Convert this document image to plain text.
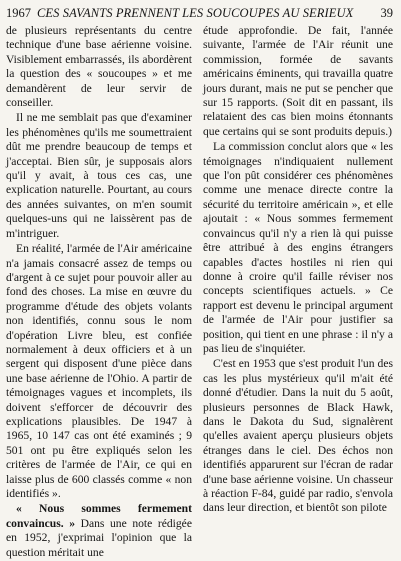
1967 CES SAVANTS PRENNENT LES SOUCOUPES AU SERIEUX 39

de plusieurs représentants du centre technique d'une base aérienne voisine. Visiblement embarrassés, ils abordèrent la question des « soucoupes » et me demandèrent de leur servir de conseiller.

Il ne me semblait pas que d'examiner les phénomènes qu'ils me soumettraient dût me prendre beaucoup de temps et j'acceptai. Bien sûr, je supposais alors qu'il y avait, à tous ces cas, une explication naturelle. Pourtant, au cours des années suivantes, on m'en soumit quelques-uns qui ne laissèrent pas de m'intriguer.

En réalité, l'armée de l'Air américaine n'a jamais consacré assez de temps ou d'argent à ce sujet pour pouvoir aller au fond des choses. La mise en œuvre du programme d'étude des objets volants non identifiés, connu sous le nom d'opération Livre bleu, est confiée normalement à deux officiers et à un sergent qui disposent d'une pièce dans une base aérienne de l'Ohio. A partir de témoignages vagues et incomplets, ils doivent s'efforcer de découvrir des explications plausibles. De 1947 à 1965, 10 147 cas ont été examinés ; 9 501 ont pu être expliqués selon les critères de l'armée de l'Air, ce qui en laisse plus de 600 classés comme « non identifiés ».

« Nous sommes fermement convaincus. » Dans une note rédigée en 1952, j'exprimai l'opinion que la question méritait une

étude approfondie. De fait, l'année suivante, l'armée de l'Air réunit une commission, formée de savants américains éminents, qui travailla quatre jours durant, mais ne put se pencher que sur 15 rapports. (Soit dit en passant, ils relataient des cas bien moins étonnants que certains qui se sont produits depuis.)

La commission conclut alors que « les témoignages n'indiquaient nullement que l'on pût considérer ces phénomènes comme une menace directe contre la sécurité du territoire américain », et elle ajoutait : « Nous sommes fermement convaincus qu'il n'y a rien là qui puisse être attribué à des engins étrangers capables d'actes hostiles ni rien qui donne à croire qu'il faille réviser nos concepts scientifiques actuels. » Ce rapport est devenu le principal argument de l'armée de l'Air pour justifier sa position, qui tient en une phrase : il n'y a pas lieu de s'inquiéter.

C'est en 1953 que s'est produit l'un des cas les plus mystérieux qu'il m'ait été donné d'étudier. Dans la nuit du 5 août, plusieurs personnes de Black Hawk, dans le Dakota du Sud, signalèrent qu'elles avaient aperçu plusieurs objets étranges dans le ciel. Des échos non identifiés apparurent sur l'écran de radar d'une base aérienne voisine. Un chasseur à réaction F-84, guidé par radio, s'envola dans leur direction, et bientôt son pilote
